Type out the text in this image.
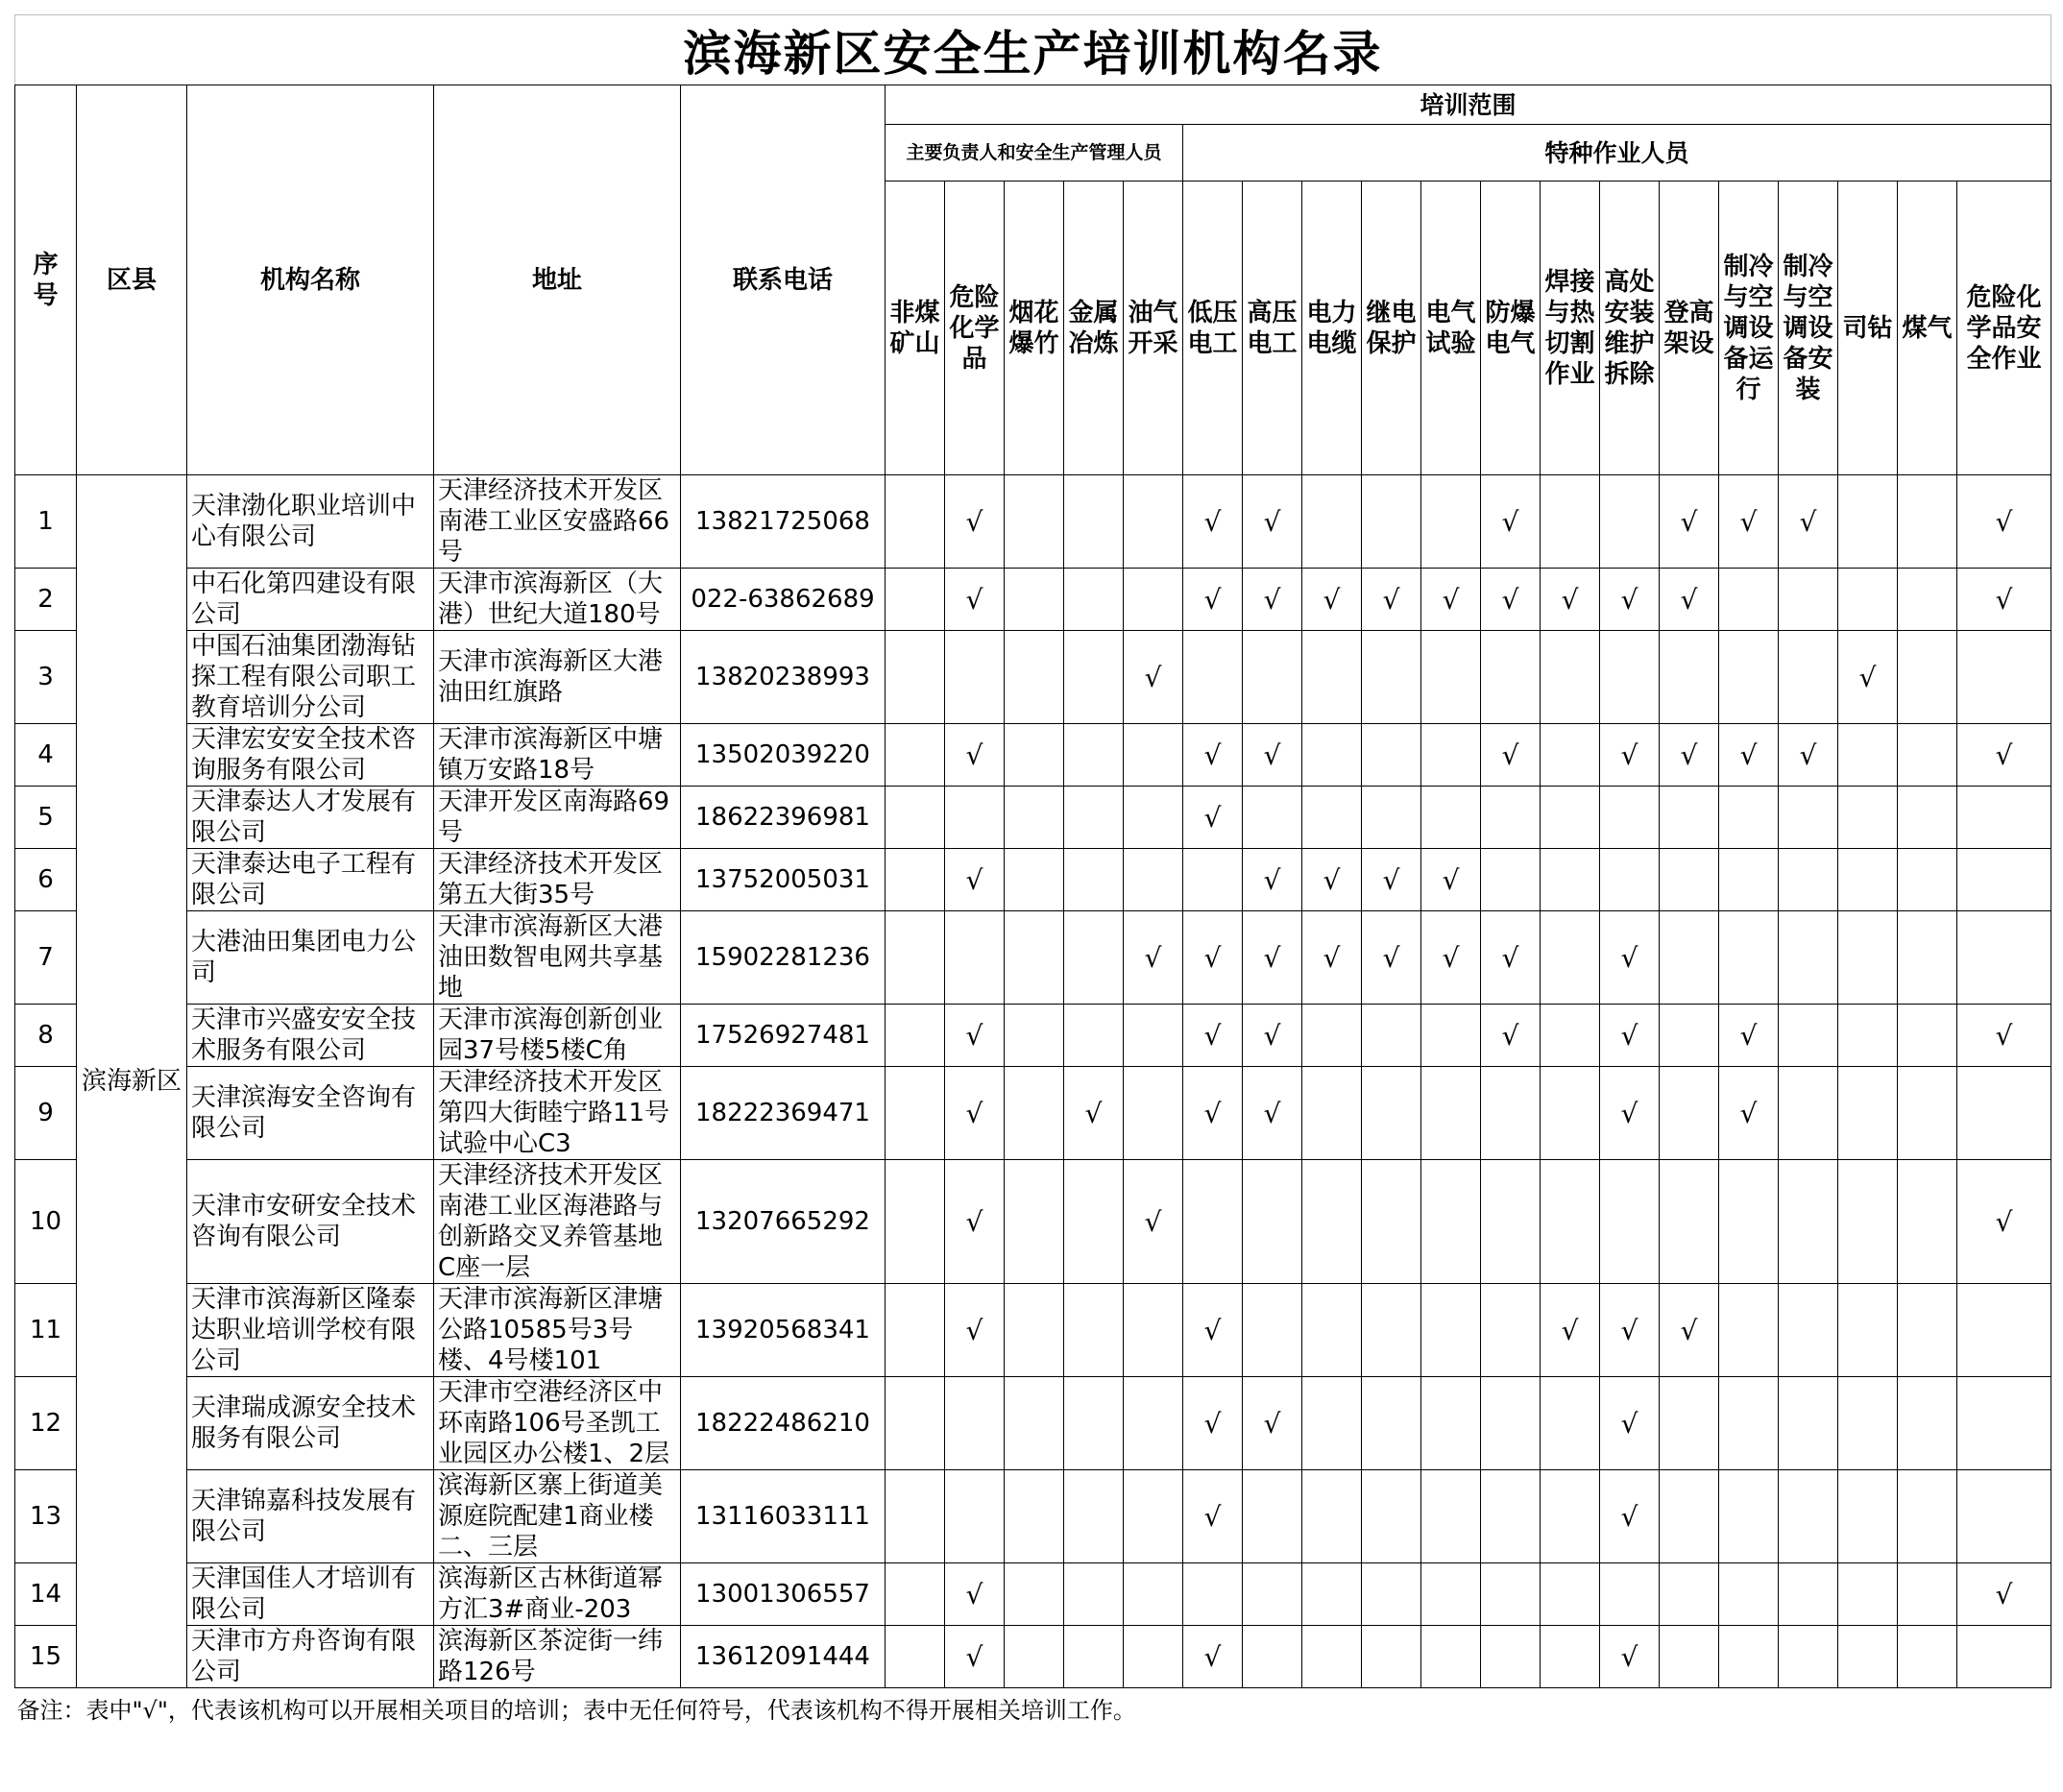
滨海新区安全生产培训机构名录																							
序号	区县	机构名称	地址	联系电话	培训范围																		
					主要负责人和安全生产管理人员					特种作业人员													
					非煤矿山	危险化学品	烟花爆竹	金属冶炼	油气开采	低压电工	高压电工	电力电缆	继电保护	电气试验	防爆电气	焊接与热切割作业	高处安装维护拆除	登高架设	制冷与空调设备运行	制冷与空调设备安装	司钻	煤气	危险化学品安全作业
1	滨海新区	天津渤化职业培训中心有限公司	天津经济技术开发区南港工业区安盛路66号	13821725068		√				√	√				√			√	√	√			√
2		中石化第四建设有限公司	天津市滨海新区（大港）世纪大道180号	022-63862689		√				√	√	√	√	√	√	√	√	√					√
3		中国石油集团渤海钻探工程有限公司职工教育培训分公司	天津市滨海新区大港油田红旗路	13820238993					√												√		
4		天津宏安安全技术咨询服务有限公司	天津市滨海新区中塘镇万安路18号	13502039220		√				√	√				√		√	√	√	√			√
5		天津泰达人才发展有限公司	天津开发区南海路69号	18622396981						√													
6		天津泰达电子工程有限公司	天津经济技术开发区第五大街35号	13752005031		√					√	√	√	√									
7		大港油田集团电力公司	天津市滨海新区大港油田数智电网共享基地	15902281236					√	√	√	√	√	√	√		√						
8		天津市兴盛安安全技术服务有限公司	天津市滨海创新创业园37号楼5楼C角	17526927481		√				√	√				√		√		√				√
9		天津滨海安全咨询有限公司	天津经济技术开发区第四大街睦宁路11号试验中心C3	18222369471		√		√		√	√						√		√				
10		天津市安研安全技术咨询有限公司	天津经济技术开发区南港工业区海港路与创新路交叉养管基地C座一层	13207665292		√			√														√
11		天津市滨海新区隆泰达职业培训学校有限公司	天津市滨海新区津塘公路10585号3号楼、4号楼101	13920568341		√				√						√	√	√					
12		天津瑞成源安全技术服务有限公司	天津市空港经济区中环南路106号圣凯工业园区办公楼1、2层	18222486210						√	√						√						
13		天津锦嘉科技发展有限公司	滨海新区寨上街道美源庭院配建1商业楼二、三层	13116033111						√							√						
14		天津国佳人才培训有限公司	滨海新区古林街道幂方汇3#商业-203	13001306557		√																	√
15		天津市方舟咨询有限公司	滨海新区茶淀街一纬路126号	13612091444		√				√							√						
备注：表中"√"，代表该机构可以开展相关项目的培训；表中无任何符号，代表该机构不得开展相关培训工作。																							
